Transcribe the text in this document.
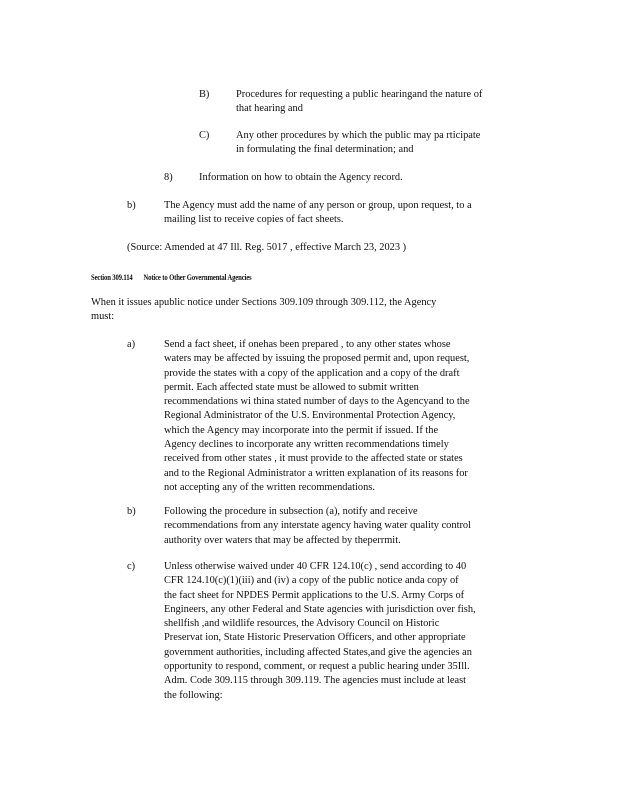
B)	Procedures for requesting a public hearingand the nature of
that hearing and
C)	Any other procedures by which the public may pa rticipate
in formulating the final determination; and
8)	Information on how to obtain the Agency record.
b)	The Agency must add the name of any person or group, upon request, to a
mailing list to receive copies of fact sheets.
(Source: Amended at 47 Ill. Reg. 5017 , effective March 23, 2023 )
Section 309.114 Notice to Other Governmental Agencies
When it issues apublic notice under Sections 309.109 through 309.112, the Agency
must:
a)	Send a fact sheet, if onehas been prepared , to any other states whose
waters may be affected by issuing the proposed permit and, upon request,
provide the states with a copy of the application and a copy of the draft
permit. Each affected state must be allowed to submit written
recommendations wi thina stated number of days to the Agencyand to the
Regional Administrator of the U.S. Environmental Protection Agency,
which the Agency may incorporate into the permit if issued. If the
Agency declines to incorporate any written recommendations timely
received from other states , it must provide to the affected state or states
and to the Regional Administrator a written explanation of its reasons for
not accepting any of the written recommendations.
b)	Following the procedure in subsection (a), notify and receive
recommendations from any interstate agency having water quality control
authority over waters that may be affected by theperrmit.
c)	Unless otherwise waived under 40 CFR 124.10(c) , send according to 40
CFR 124.10(c)(1)(iii) and (iv) a copy of the public notice anda copy of
the fact sheet for NPDES Permit applications to the U.S. Army Corps of
Engineers, any other Federal and State agencies with jurisdiction over fish,
shellfish ,and wildlife resources, the Advisory Council on Historic
Preservat ion, State Historic Preservation Officers, and other appropriate
government authorities, including affected States,and give the agencies an
opportunity to respond, comment, or request a public hearing under 35Ill.
Adm. Code 309.115 through 309.119. The agencies must include at least
the following:
